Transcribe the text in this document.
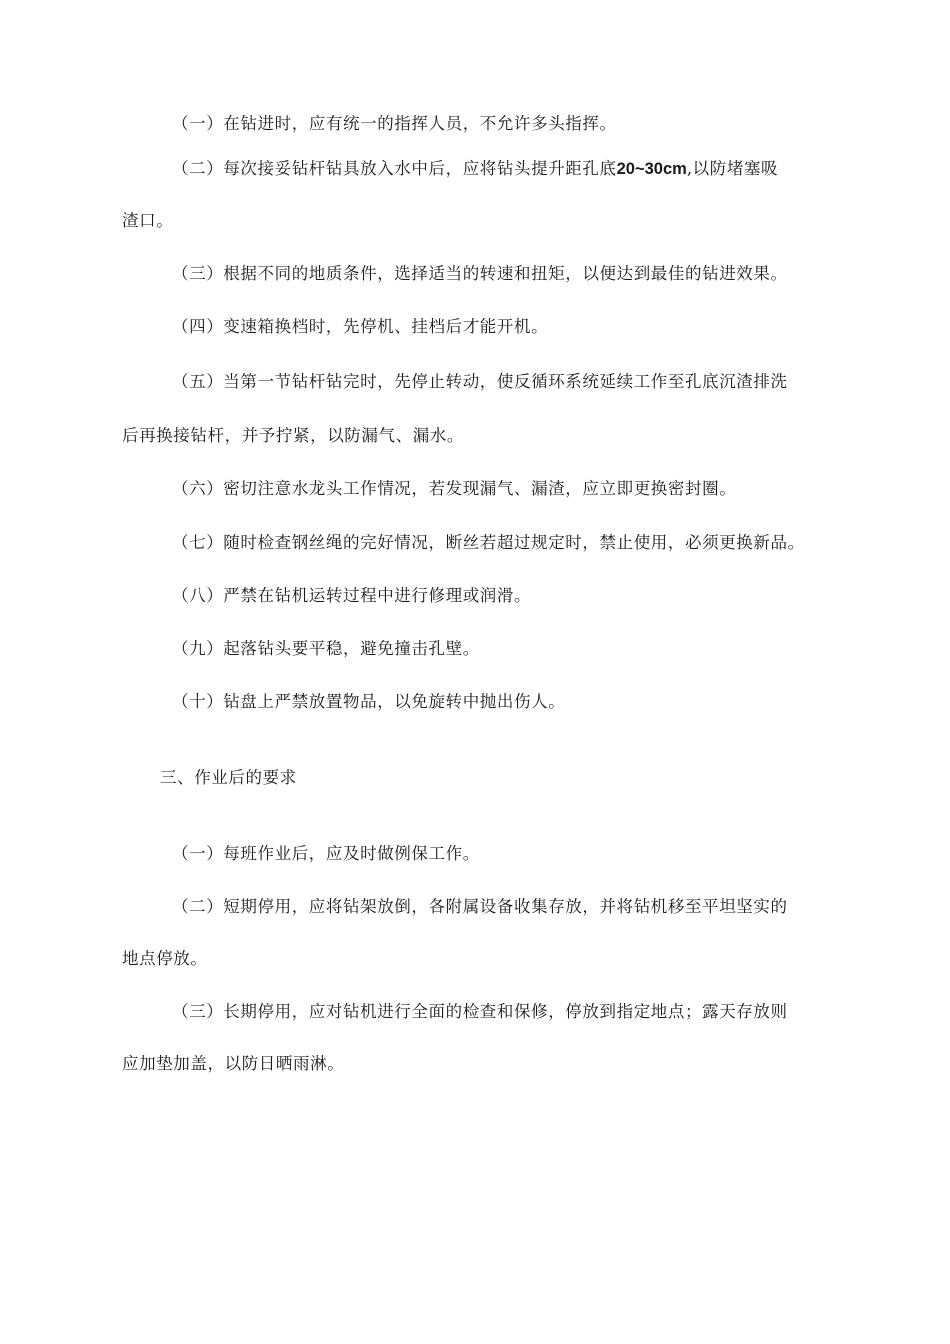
（一）在钻进时，应有统一的指挥人员，不允许多头指挥。
（二）每次接妥钻杆钻具放入水中后，应将钻头提升距孔底20~30cm,以防堵塞吸
渣口。
（三）根据不同的地质条件，选择适当的转速和扭矩，以便达到最佳的钻进效果。
（四）变速箱换档时，先停机、挂档后才能开机。
（五）当第一节钻杆钻完时，先停止转动，使反循环系统延续工作至孔底沉渣排洗
后再换接钻杆，并予拧紧，以防漏气、漏水。
（六）密切注意水龙头工作情况，若发现漏气、漏渣，应立即更换密封圈。
（七）随时检查钢丝绳的完好情况，断丝若超过规定时，禁止使用，必须更换新品。
（八）严禁在钻机运转过程中进行修理或润滑。
（九）起落钻头要平稳，避免撞击孔壁。
（十）钻盘上严禁放置物品，以免旋转中抛出伤人。
三、作业后的要求
（一）每班作业后，应及时做例保工作。
（二）短期停用，应将钻架放倒，各附属设备收集存放，并将钻机移至平坦坚实的
地点停放。
（三）长期停用，应对钻机进行全面的检查和保修，停放到指定地点；露天存放则
应加垫加盖，以防日晒雨淋。
